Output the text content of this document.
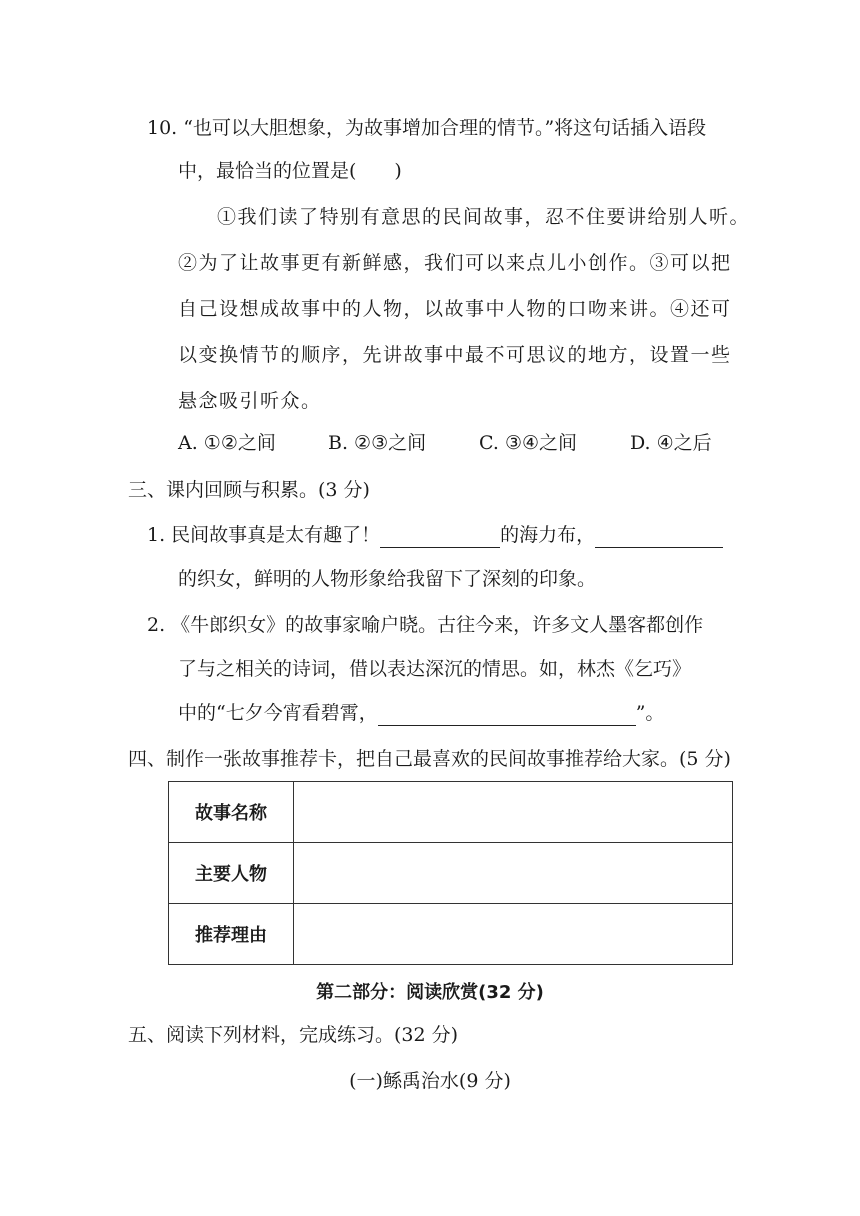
10. “也可以大胆想象，为故事增加合理的情节。”将这句话插入语段
中，最恰当的位置是(　　)
①我们读了特别有意思的民间故事，忍不住要讲给别人听。
②为了让故事更有新鲜感，我们可以来点儿小创作。③可以把
自己设想成故事中的人物，以故事中人物的口吻来讲。④还可
以变换情节的顺序，先讲故事中最不可思议的地方，设置一些
悬念吸引听众。
A. ①②之间	B. ②③之间	C. ③④之间	D. ④之后
三、课内回顾与积累。(3 分)
1. 民间故事真是太有趣了！	的海力布，
的织女，鲜明的人物形象给我留下了深刻的印象。
2. 《牛郎织女》的故事家喻户晓。古往今来，许多文人墨客都创作
了与之相关的诗词，借以表达深沉的情思。如，林杰《乞巧》
中的“七夕今宵看碧霄，	”。
四、制作一张故事推荐卡，把自己最喜欢的民间故事推荐给大家。(5 分)
故事名称	
主要人物	
推荐理由	
第二部分：阅读欣赏(32 分)
五、阅读下列材料，完成练习。(32 分)
(一)鲧禹治水(9 分)
